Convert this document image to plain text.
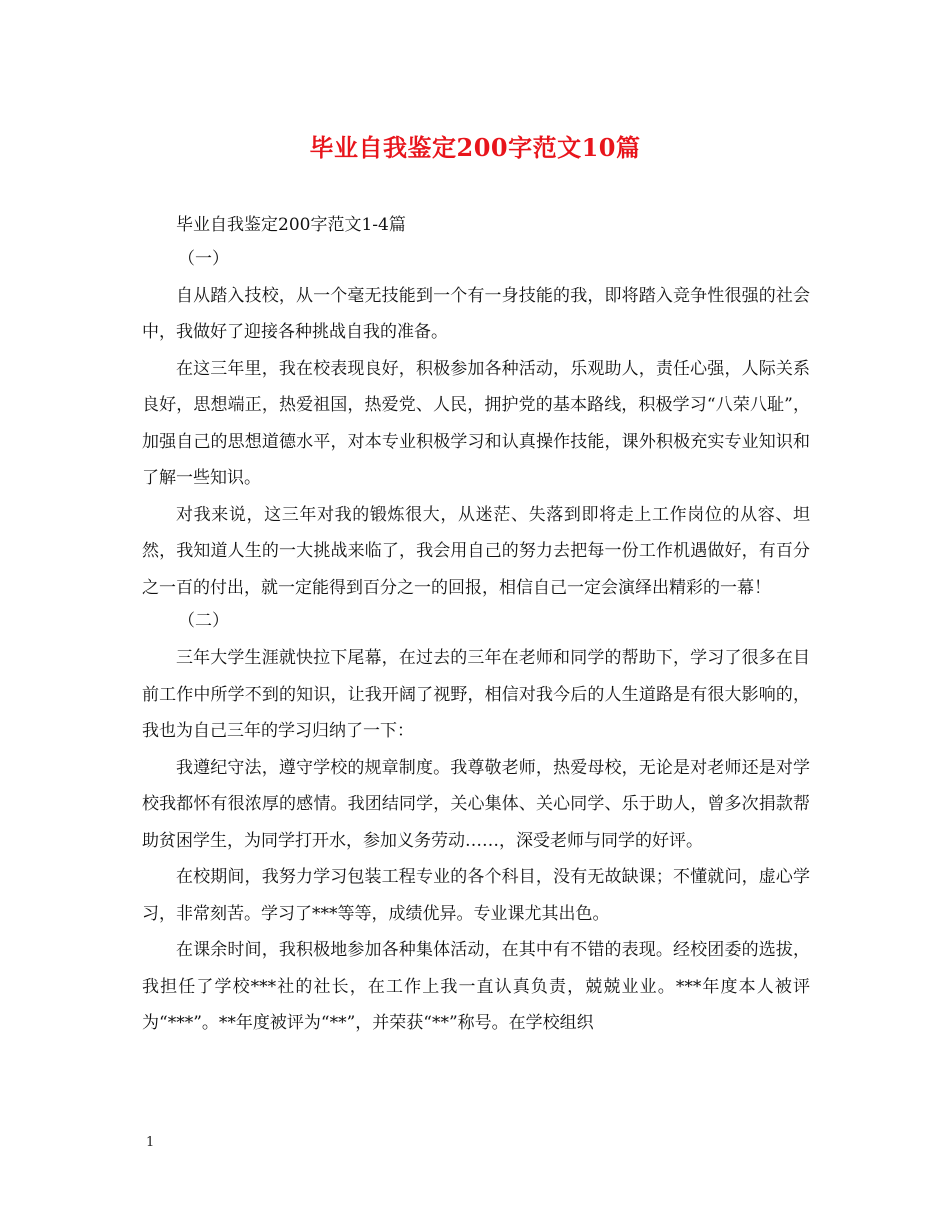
毕业自我鉴定200字范文10篇

毕业自我鉴定200字范文1-4篇

（一）

自从踏入技校，从一个毫无技能到一个有一身技能的我，即将踏入竞争性很强的社会中，我做好了迎接各种挑战自我的准备。

在这三年里，我在校表现良好，积极参加各种活动，乐观助人，责任心强，人际关系良好，思想端正，热爱祖国，热爱党、人民，拥护党的基本路线，积极学习“八荣八耻”，加强自己的思想道德水平，对本专业积极学习和认真操作技能，课外积极充实专业知识和了解一些知识。

对我来说，这三年对我的锻炼很大，从迷茫、失落到即将走上工作岗位的从容、坦然，我知道人生的一大挑战来临了，我会用自己的努力去把每一份工作机遇做好，有百分之一百的付出，就一定能得到百分之一的回报，相信自己一定会演绎出精彩的一幕！

（二）

三年大学生涯就快拉下尾幕，在过去的三年在老师和同学的帮助下，学习了很多在目前工作中所学不到的知识，让我开阔了视野，相信对我今后的人生道路是有很大影响的，我也为自己三年的学习归纳了一下：

我遵纪守法，遵守学校的规章制度。我尊敬老师，热爱母校，无论是对老师还是对学校我都怀有很浓厚的感情。我团结同学，关心集体、关心同学、乐于助人，曾多次捐款帮助贫困学生，为同学打开水，参加义务劳动……，深受老师与同学的好评。

在校期间，我努力学习包装工程专业的各个科目，没有无故缺课；不懂就问，虚心学习，非常刻苦。学习了***等等，成绩优异。专业课尤其出色。

在课余时间，我积极地参加各种集体活动，在其中有不错的表现。经校团委的选拔，我担任了学校***社的社长，在工作上我一直认真负责，兢兢业业。***年度本人被评为“***”。**年度被评为“**”，并荣获“**”称号。在学校组织

1
